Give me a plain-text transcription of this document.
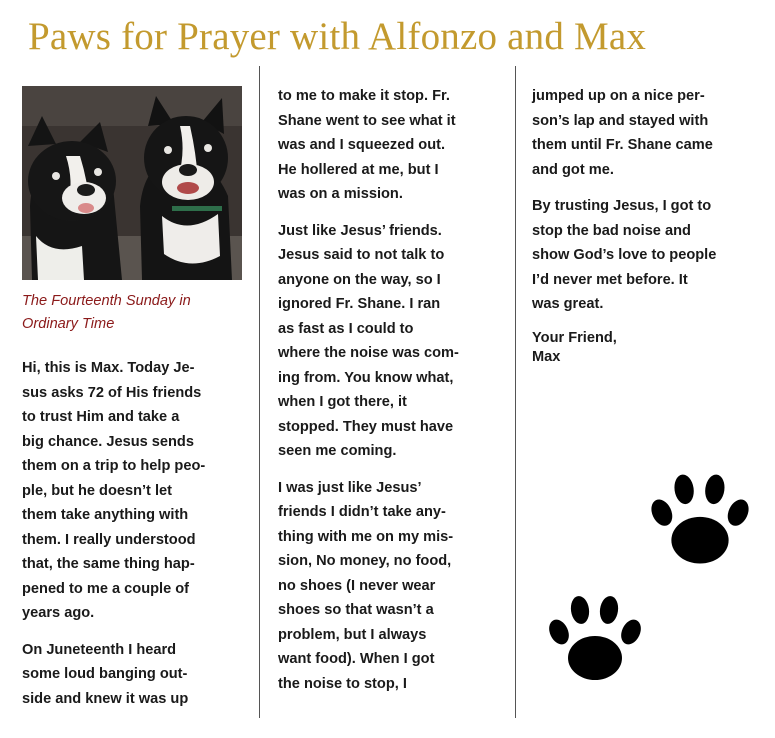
Paws for Prayer with Alfonzo and Max

The Fourteenth Sunday in
Ordinary Time

Hi, this is Max. Today Je-
sus asks 72 of His friends
to trust Him and take a
big chance. Jesus sends
them on a trip to help peo-
ple, but he doesn’t let
them take anything with
them. I really understood
that, the same thing hap-
pened to me a couple of
years ago.

On Juneteenth I heard
some loud banging out-
side and knew it was up

to me to make it stop. Fr.
Shane went to see what it
was and I squeezed out.
He hollered at me, but I
was on a mission.

Just like Jesus’ friends.
Jesus said to not talk to
anyone on the way, so I
ignored Fr. Shane. I ran
as fast as I could to
where the noise was com-
ing from. You know what,
when I got there, it
stopped. They must have
seen me coming.

I was just like Jesus’
friends I didn’t take any-
thing with me on my mis-
sion, No money, no food,
no shoes (I never wear
shoes so that wasn’t a
problem, but I always
want food). When I got
the noise to stop, I

jumped up on a nice per-
son’s lap and stayed with
them until Fr. Shane came
and got me.

By trusting Jesus, I got to
stop the bad noise and
show God’s love to people
I’d never met before. It
was great.

Your Friend,
Max
